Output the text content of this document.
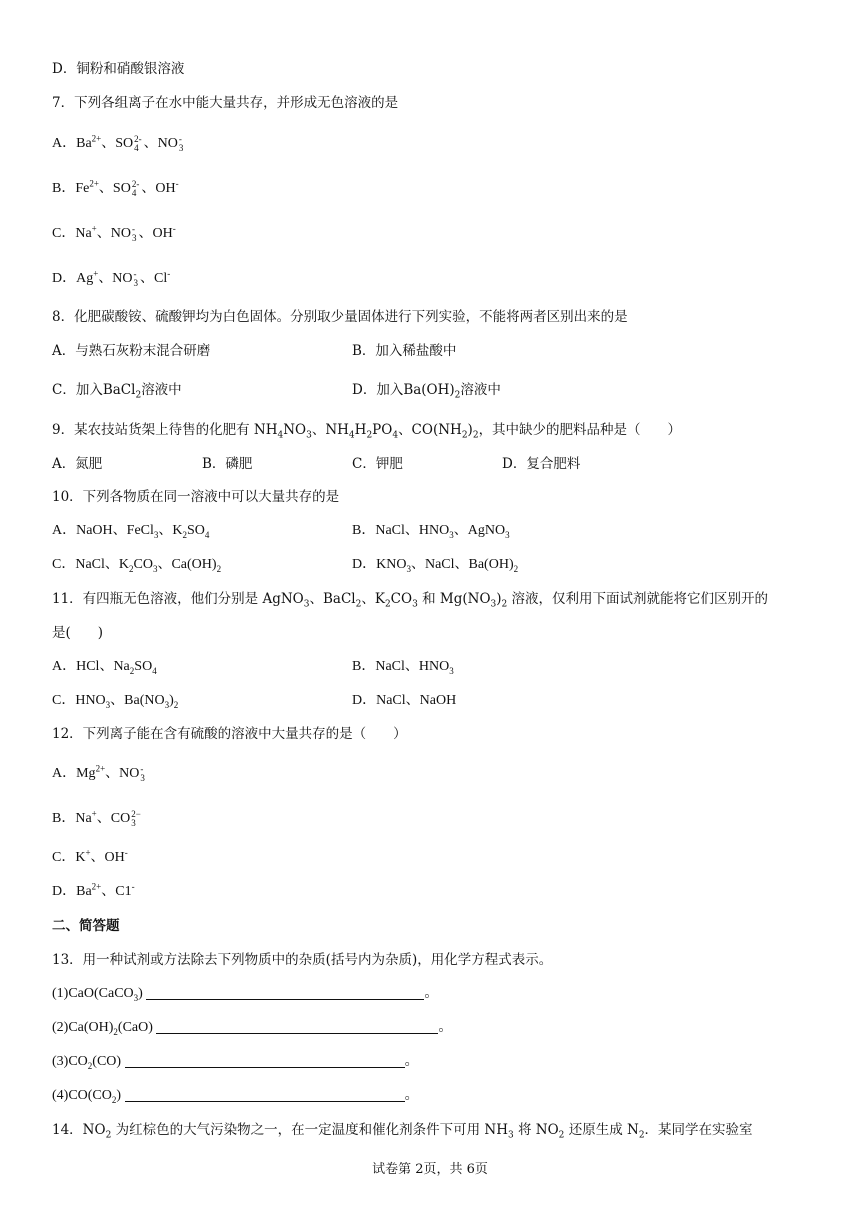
D．铜粉和硝酸银溶液
7．下列各组离子在水中能大量共存，并形成无色溶液的是
A．$Ba^{2+}$、SO 2-
4 、NO -
3
B．$Fe^{2+}$、SO 2-
4 、OH-
C．Na+、NO -
3 、OH-
D．Ag+、NO -
3 、Cl-
8．化肥碳酸铵、硫酸钾均为白色固体。分别取少量固体进行下列实验，不能将两者区别出来的是
A．与熟石灰粉末混合研磨	B．加入稀盐酸中
C．加入BaCl$_2$溶液中	D．加入$Ba(OH)_2$溶液中
9．某农技站货架上待售的化肥有 $NH_4NO_3$、$NH_4H_2PO_4$、$CO(NH_2)_2$，其中缺少的肥料品种是（　　）
A．氮肥	B．磷肥	C．钾肥	D．复合肥料
10．下列各物质在同一溶液中可以大量共存的是
A．NaOH、FeCl$_3$、$K_2SO_4$	B．NaCl、$HNO_3$、AgNO$_3$
C．NaCl、$K_2CO_3$、$Ca(OH)_2$	D．$KNO_3$、NaCl、$Ba(OH)_2$
11．有四瓶无色溶液，他们分别是 AgNO$_3$、BaCl$_2$、$K_2CO_3$ 和 $Mg(NO_3)_2$ 溶液，仅利用下面试剂就能将它们区别开的
是(　　)
A．HCl、$Na_2SO_4$	B．NaCl、$HNO_3$
C．$HNO_3$、$Ba(NO_3)_2$	D．NaCl、NaOH
12．下列离子能在含有硫酸的溶液中大量共存的是（　　）
A．$Mg^{2+}$、NO -
3
B．Na+、CO 2−
3
C．K+、OH-
D．$Ba^{2+}$、C1-
二、简答题
13．用一种试剂或方法除去下列物质中的杂质(括号内为杂质)，用化学方程式表示。
(1)CaO(CaCO$_3$)	。
$(2)Ca(OH)_2(CaO)$	。
$(3)CO_2(CO)$	。
$(4)CO(CO_2)$	。
14．$NO_2$ 为红棕色的大气污染物之一，在一定温度和催化剂条件下可用 $NH_3$ 将 $NO_2$ 还原生成 $N_2$．某同学在实验室
试卷第 2页，共 6页
